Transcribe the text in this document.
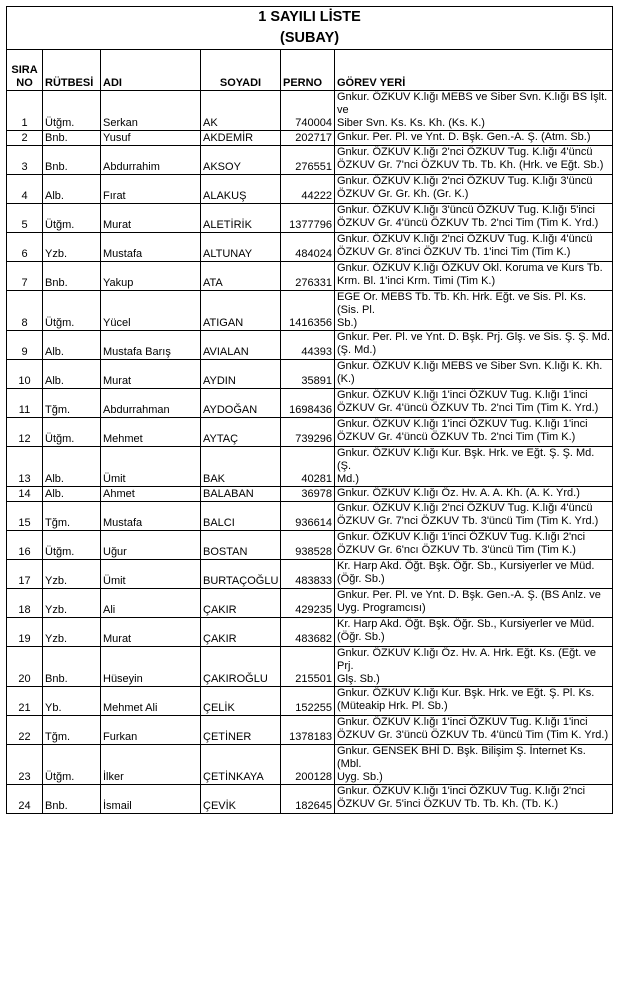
1 SAYILI LİSTE					
(SUBAY)					

SIRA
NO	RÜTBESİ	ADI	SOYADI	PERNO	GÖREV YERİ
1	Ütğm.	Serkan	AK	740004	Gnkur. ÖZKUV K.lığı MEBS ve Siber Svn. K.lığı BS İşlt. ve
Siber Svn. Ks. Ks. Kh. (Ks. K.)

2	Bnb.	Yusuf	AKDEMİR	202717	Gnkur. Per. Pl. ve Ynt. D. Bşk. Gen.-A. Ş. (Atm. Sb.)

3	Bnb.	Abdurrahim	AKSOY	276551	Gnkur. ÖZKUV K.lığı 2'nci ÖZKUV Tug. K.lığı 4'üncü
ÖZKUV Gr. 7'nci ÖZKUV Tb. Tb. Kh. (Hrk. ve Eğt. Sb.)

4	Alb.	Fırat	ALAKUŞ	44222	Gnkur. ÖZKUV K.lığı 2'nci ÖZKUV Tug. K.lığı 3'üncü
ÖZKUV Gr. Gr. Kh. (Gr. K.)

5	Ütğm.	Murat	ALETİRİK	1377796	Gnkur. ÖZKUV K.lığı 3'üncü ÖZKUV Tug. K.lığı 5'inci
ÖZKUV Gr. 4'üncü ÖZKUV Tb. 2'nci Tim (Tim K. Yrd.)

6	Yzb.	Mustafa	ALTUNAY	484024	Gnkur. ÖZKUV K.lığı 2'nci ÖZKUV Tug. K.lığı 4'üncü
ÖZKUV Gr. 8'inci ÖZKUV Tb. 1'inci Tim (Tim K.)

7	Bnb.	Yakup	ATA	276331	Gnkur. ÖZKUV K.lığı ÖZKUV Okl. Koruma ve Kurs Tb.
Krm. Bl. 1'inci Krm. Timi (Tim K.)

8	Ütğm.	Yücel	ATIGAN	1416356	EGE Or. MEBS Tb. Tb. Kh. Hrk. Eğt. ve Sis. Pl. Ks. (Sis. Pl.
Sb.)

9	Alb.	Mustafa Barış	AVIALAN	44393	Gnkur. Per. Pl. ve Ynt. D. Bşk. Prj. Glş. ve Sis. Ş. Ş. Md.
(Ş. Md.)

10	Alb.	Murat	AYDIN	35891	Gnkur. ÖZKUV K.lığı MEBS ve Siber Svn. K.lığı K. Kh. (K.)

11	Tğm.	Abdurrahman	AYDOĞAN	1698436	Gnkur. ÖZKUV K.lığı 1'inci ÖZKUV Tug. K.lığı 1'inci
ÖZKUV Gr. 4'üncü ÖZKUV Tb. 2'nci Tim (Tim K. Yrd.)

12	Ütğm.	Mehmet	AYTAÇ	739296	Gnkur. ÖZKUV K.lığı 1'inci ÖZKUV Tug. K.lığı 1'inci
ÖZKUV Gr. 4'üncü ÖZKUV Tb. 2'nci Tim (Tim K.)

13	Alb.	Ümit	BAK	40281	Gnkur. ÖZKUV K.lığı Kur. Bşk. Hrk. ve Eğt. Ş. Ş. Md. (Ş.
Md.)

14	Alb.	Ahmet	BALABAN	36978	Gnkur. ÖZKUV K.lığı Öz. Hv. A. A. Kh. (A. K. Yrd.)

15	Tğm.	Mustafa	BALCI	936614	Gnkur. ÖZKUV K.lığı 2'nci ÖZKUV Tug. K.lığı 4'üncü
ÖZKUV Gr. 7'nci ÖZKUV Tb. 3'üncü Tim (Tim K. Yrd.)

16	Ütğm.	Uğur	BOSTAN	938528	Gnkur. ÖZKUV K.lığı 1'inci ÖZKUV Tug. K.lığı 2'nci
ÖZKUV Gr. 6'ncı ÖZKUV Tb. 3'üncü Tim (Tim K.)

17	Yzb.	Ümit	BURTAÇOĞLU	483833	Kr. Harp Akd. Öğt. Bşk. Öğr. Sb., Kursiyerler ve Müd.
(Öğr. Sb.)

18	Yzb.	Ali	ÇAKIR	429235	Gnkur. Per. Pl. ve Ynt. D. Bşk. Gen.-A. Ş. (BS Anlz. ve
Uyg. Programcısı)

19	Yzb.	Murat	ÇAKIR	483682	Kr. Harp Akd. Öğt. Bşk. Öğr. Sb., Kursiyerler ve Müd.
(Öğr. Sb.)

20	Bnb.	Hüseyin	ÇAKIROĞLU	215501	Gnkur. ÖZKUV K.lığı Öz. Hv. A. Hrk. Eğt. Ks. (Eğt. ve Prj.
Glş. Sb.)

21	Yb.	Mehmet Ali	ÇELİK	152255	Gnkur. ÖZKUV K.lığı Kur. Bşk. Hrk. ve Eğt. Ş. Pl. Ks.
(Müteakip Hrk. Pl. Sb.)

22	Tğm.	Furkan	ÇETİNER	1378183	Gnkur. ÖZKUV K.lığı 1'inci ÖZKUV Tug. K.lığı 1'inci
ÖZKUV Gr. 3'üncü ÖZKUV Tb. 4'üncü Tim (Tim K. Yrd.)

23	Ütğm.	İlker	ÇETİNKAYA	200128	Gnkur. GENSEK BHİ D. Bşk. Bilişim Ş. İnternet Ks. (Mbl.
Uyg. Sb.)

24	Bnb.	İsmail	ÇEVİK	182645	Gnkur. ÖZKUV K.lığı 1'inci ÖZKUV Tug. K.lığı 2'nci
ÖZKUV Gr. 5'inci ÖZKUV Tb. Tb. Kh. (Tb. K.)
